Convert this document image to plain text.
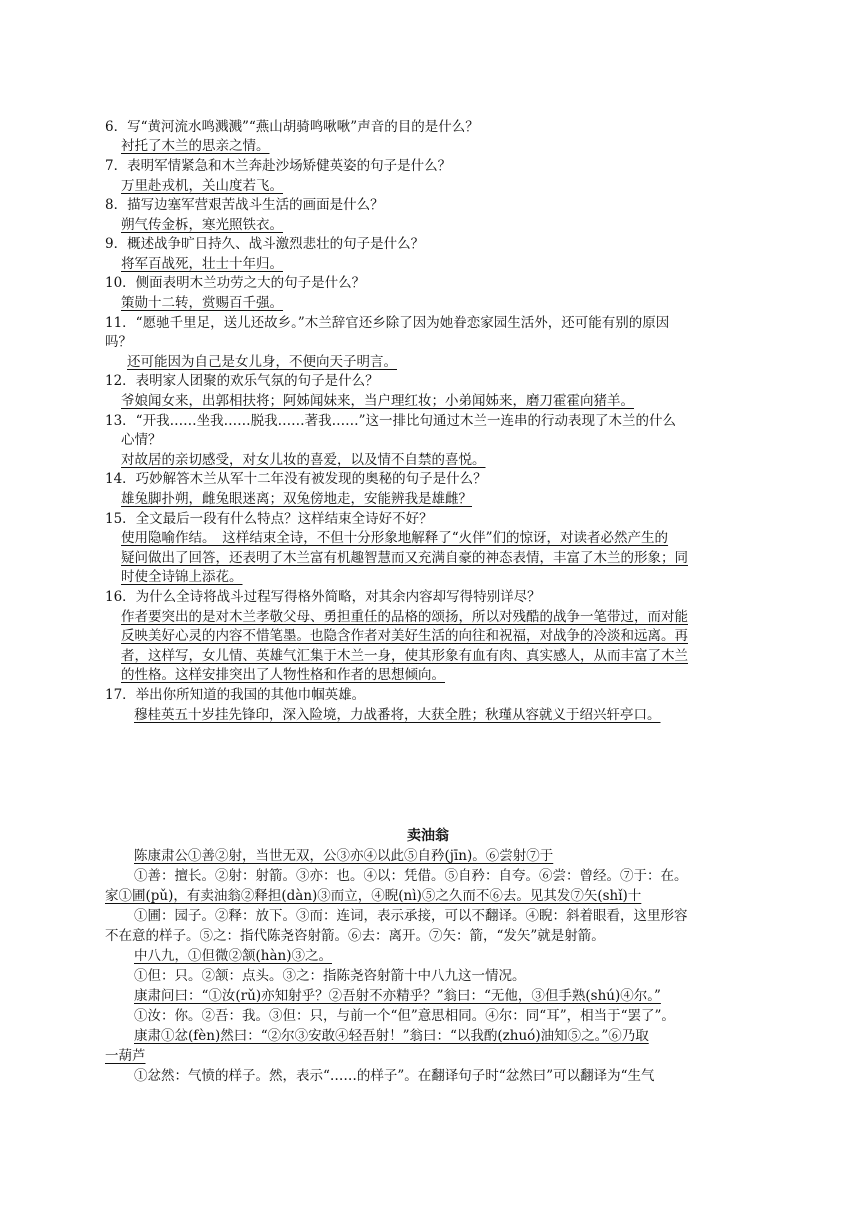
6．写“黄河流水鸣溅溅”“燕山胡骑鸣啾啾”声音的目的是什么？
衬托了木兰的思亲之情。
7．表明军情紧急和木兰奔赴沙场矫健英姿的句子是什么？
万里赴戎机，关山度若飞。
8．描写边塞军营艰苦战斗生活的画面是什么？
朔气传金柝，寒光照铁衣。
9．概述战争旷日持久、战斗激烈悲壮的句子是什么？
将军百战死，壮士十年归。
10．侧面表明木兰功劳之大的句子是什么？
策勋十二转，赏赐百千强。
11．“愿驰千里足，送儿还故乡。”木兰辞官还乡除了因为她眷恋家园生活外，还可能有别的原因
吗？
还可能因为自己是女儿身，不便向天子明言。
12．表明家人团聚的欢乐气氛的句子是什么？
爷娘闻女来，出郭相扶将；阿姊闻妹来，当户理红妆；小弟闻姊来，磨刀霍霍向猪羊。
13．“开我……坐我……脱我……著我……”这一排比句通过木兰一连串的行动表现了木兰的什么
心情？
对故居的亲切感受，对女儿妆的喜爱，以及情不自禁的喜悦。
14．巧妙解答木兰从军十二年没有被发现的奥秘的句子是什么？
雄兔脚扑朔，雌兔眼迷离；双兔傍地走，安能辨我是雄雌？
15．全文最后一段有什么特点？这样结束全诗好不好？
使用隐喻作结。　这样结束全诗，不但十分形象地解释了“火伴”们的惊讶，对读者必然产生的
疑问做出了回答，还表明了木兰富有机趣智慧而又充满自豪的神态表情，丰富了木兰的形象；同
时使全诗锦上添花。
16．为什么全诗将战斗过程写得格外简略，对其余内容却写得特别详尽？
作者要突出的是对木兰孝敬父母、勇担重任的品格的颂扬，所以对残酷的战争一笔带过，而对能
反映美好心灵的内容不惜笔墨。也隐含作者对美好生活的向往和祝福，对战争的冷淡和远离。再
者，这样写，女儿情、英雄气汇集于木兰一身，使其形象有血有肉、真实感人，从而丰富了木兰
的性格。这样安排突出了人物性格和作者的思想倾向。
17．举出你所知道的我国的其他巾帼英雄。
穆桂英五十岁挂先锋印，深入险境，力战番将，大获全胜；秋瑾从容就义于绍兴轩亭口。
卖油翁
陈康肃公①善②射，当世无双，公③亦④以此⑤自矜(jīn)。⑥尝射⑦于
①善：擅长。②射：射箭。③亦：也。④以：凭借。⑤自矜：自夸。⑥尝：曾经。⑦于：在。
家①圃(pǔ)，有卖油翁②释担(dàn)③而立，④睨(nì)⑤之久而不⑥去。见其发⑦矢(shǐ)十
①圃：园子。②释：放下。③而：连词，表示承接，可以不翻译。④睨：斜着眼看，这里形容
不在意的样子。⑤之：指代陈尧咨射箭。⑥去：离开。⑦矢：箭，“发矢”就是射箭。
中八九，①但微②颔(hàn)③之。
①但：只。②颔：点头。③之：指陈尧咨射箭十中八九这一情况。
康肃问曰：“①汝(rǔ)亦知射乎？②吾射不亦精乎？”翁曰：“无他，③但手熟(shú)④尔。”
①汝：你。②吾：我。③但：只，与前一个“但”意思相同。④尔：同“耳”，相当于“罢了”。
康肃①忿(fèn)然曰：“②尔③安敢④轻吾射！”翁曰：“以我酌(zhuó)油知⑤之。”⑥乃取
一葫芦
①忿然：气愤的样子。然，表示“……的样子”。在翻译句子时“忿然曰”可以翻译为“生气
